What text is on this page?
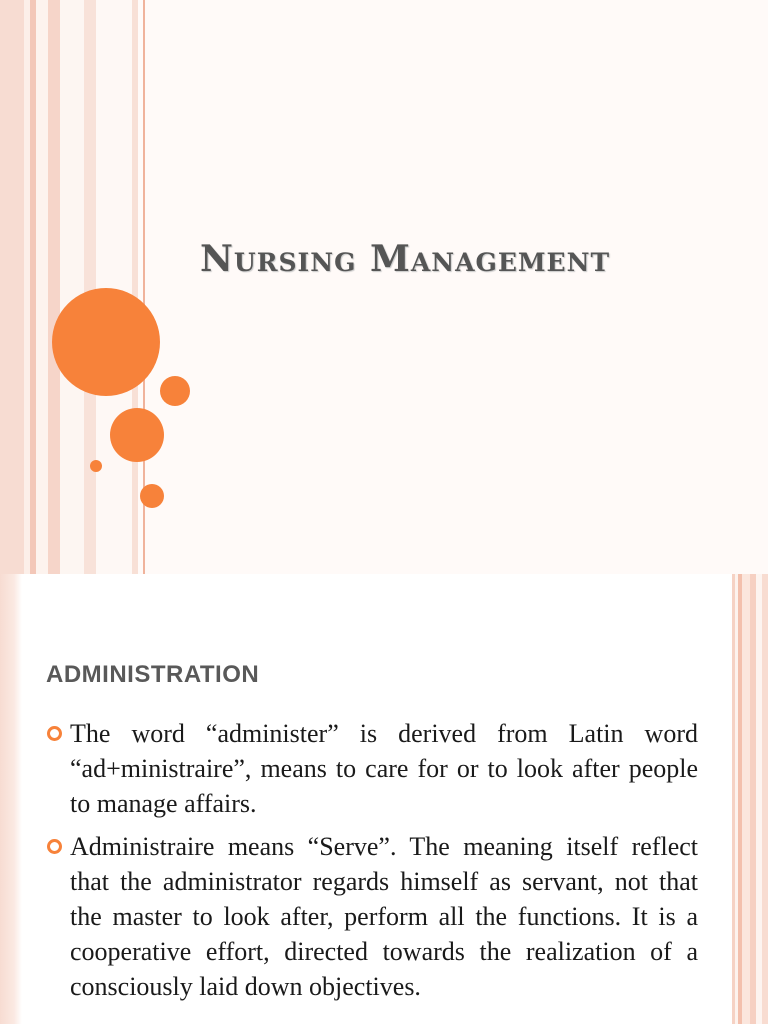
Nursing Management
ADMINISTRATION
The word “administer” is derived from Latin word “ad+ministraire”, means to care for or to look after people to manage affairs.
Administraire means “Serve”. The meaning itself reflect that the administrator regards himself as servant, not that the master to look after, perform all the functions. It is a cooperative effort, directed towards the realization of a consciously laid down objectives.
